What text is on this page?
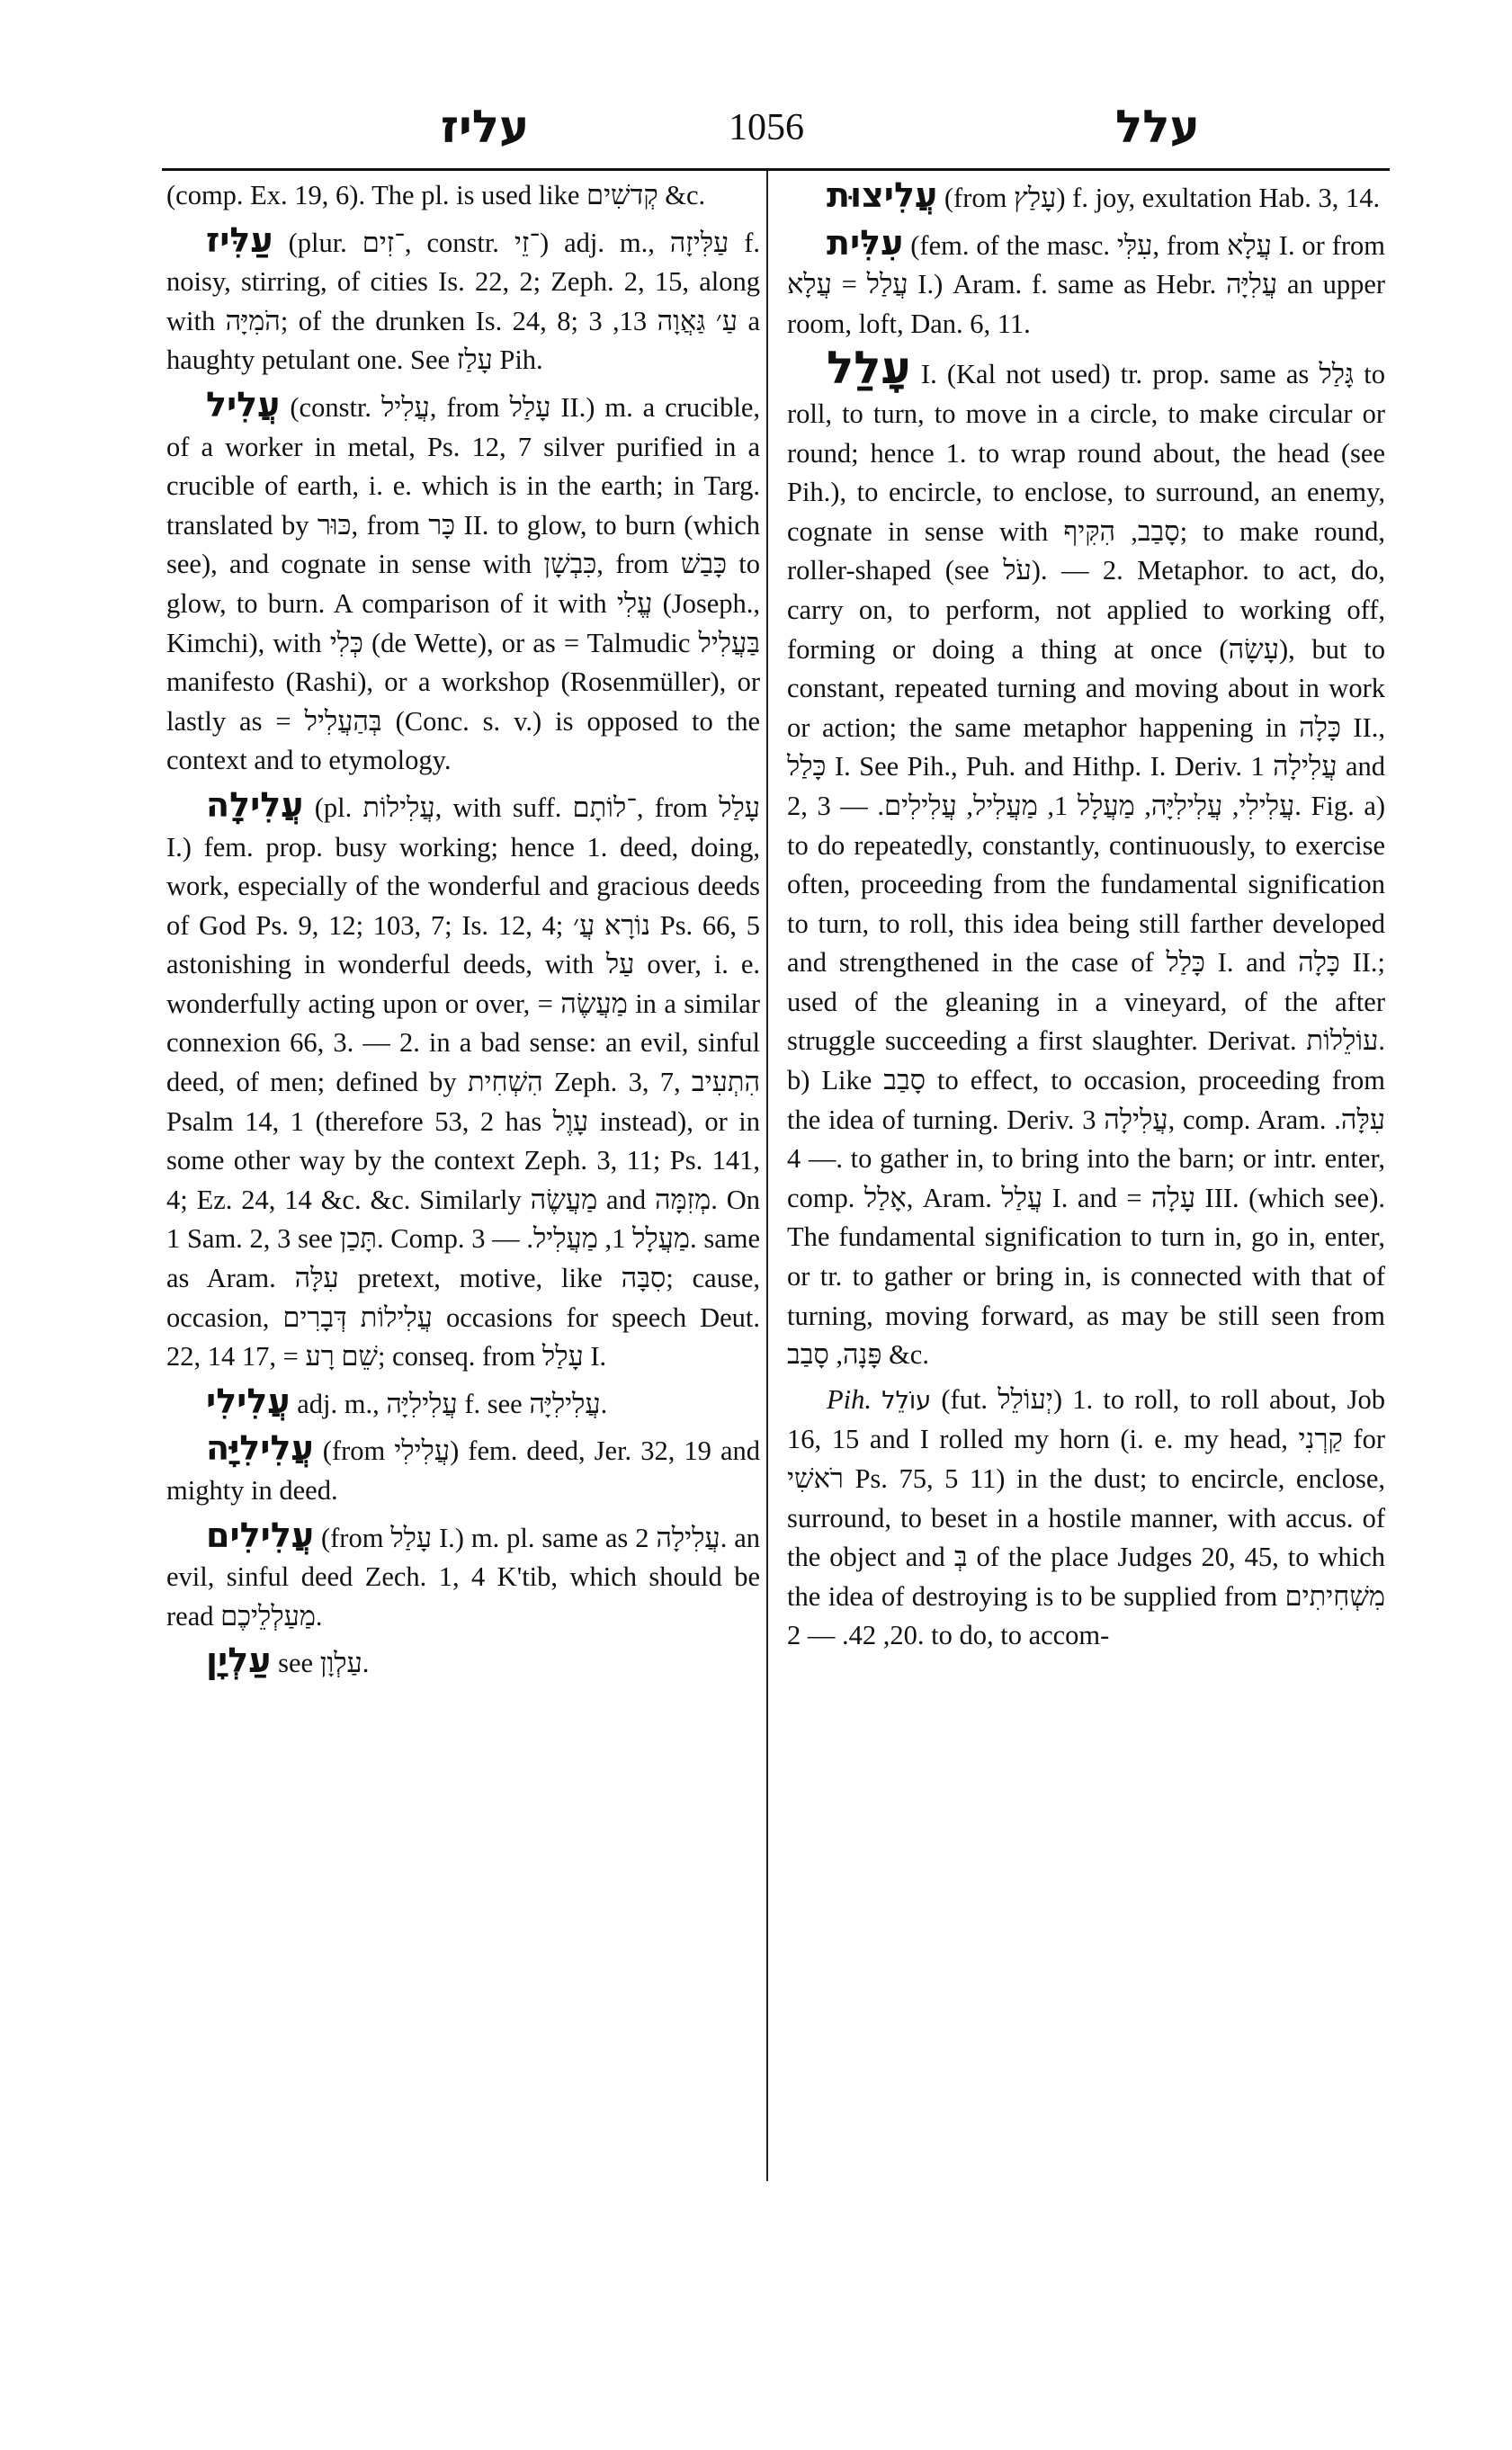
עליז	1056	עלל

(comp. Ex. 19, 6). The pl. is used like קְדשִׁים &c.

עַלִּיז (plur. ־זִים, constr. ־זֵי) adj. m., עַלִּיזָה f. noisy, stirring, of cities Is. 22, 2; Zeph. 2, 15, along with הֹמִיָּה; of the drunken Is. 24, 8; עַ׳ גַּאֲוָה 13, 3 a haughty petulant one. See עָלַז Pih.

עֲלִיל (constr. עֲלִיל, from עָלַל II.) m. a crucible, of a worker in metal, Ps. 12, 7 silver purified in a crucible of earth, i. e. which is in the earth; in Targ. translated by כּוּר, from כָּר II. to glow, to burn (which see), and cognate in sense with כִּבְשָׁן, from כָּבַשׁ to glow, to burn. A comparison of it with עֱלִי (Joseph., Kimchi), with כְּלִי (de Wette), or as = Talmudic בַּעֲלִיל manifesto (Rashi), or a workshop (Rosenmüller), or lastly as = בְּהַעֲלִיל (Conc. s. v.) is opposed to the context and to etymology.

עֲלִילָה (pl. עֲלִילוֹת, with suff. ־לוֹתָם, from עָלַל I.) fem. prop. busy working; hence 1. deed, doing, work, especially of the wonderful and gracious deeds of God Ps. 9, 12; 103, 7; Is. 12, 4; נוֹרָא עֲ׳ Ps. 66, 5 astonishing in wonderful deeds, with עַל over, i. e. wonderfully acting upon or over, = מַעֲשֶׂה in a similar connexion 66, 3. — 2. in a bad sense: an evil, sinful deed, of men; defined by הִשְׁחִית Zeph. 3, 7, הִתְעִיב Psalm 14, 1 (therefore 53, 2 has עָוֶל instead), or in some other way by the context Zeph. 3, 11; Ps. 141, 4; Ez. 24, 14 &c. &c. Similarly מַעֲשֶׂה and מְזִמָּה. On 1 Sam. 2, 3 see תָּכַן. Comp. מַעֲלָל 1, מַעֲלִיל. — 3. same as Aram. עִלָּה pretext, motive, like סִבָּה; cause, occasion, עֲלִילוֹת דְּבָרִים occasions for speech Deut. 22, 14 17, = שֵׁם רָע; conseq. from עָלַל I.

עֲלִילִי adj. m., עֲלִילִיָּה f. see עֲלִילִיָּה.

עֲלִילִיָּה (from עֲלִילִי) fem. deed, Jer. 32, 19 and mighty in deed.

עֲלִילִים (from עָלַל I.) m. pl. same as עֲלִילָה 2. an evil, sinful deed Zech. 1, 4 K'tib, which should be read מַעַלְלֵיכֶם.

עַלְיָן see עַלְוָן.

עֲלִיצוּת (from עָלַץ) f. joy, exultation Hab. 3, 14.

עִלִּית (fem. of the masc. עִלִּי, from עֲלָא I. or from עֲלַל = עֲלָא I.) Aram. f. same as Hebr. עֲלִיָּה an upper room, loft, Dan. 6, 11.

עָלַל I. (Kal not used) tr. prop. same as גָּלַל to roll, to turn, to move in a circle, to make circular or round; hence 1. to wrap round about, the head (see Pih.), to encircle, to enclose, to surround, an enemy, cognate in sense with סָבַב, הִקִּיף; to make round, roller-shaped (see עֹל). — 2. Metaphor. to act, do, carry on, to perform, not applied to working off, forming or doing a thing at once (עָשָׂה), but to constant, repeated turning and moving about in work or action; the same metaphor happening in כָּלָה II., כָּלַל I. See Pih., Puh. and Hithp. I. Deriv. עֲלִילָה 1 and 2, עֲלִילִי, עֲלִילִיָּה, מַעֲלָל 1, מַעֲלִיל, עֲלִילִים. — 3. Fig. a) to do repeatedly, constantly, continuously, to exercise often, proceeding from the fundamental signification to turn, to roll, this idea being still farther developed and strengthened in the case of כָּלַל I. and כָּלָה II.; used of the gleaning in a vineyard, of the after struggle succeeding a first slaughter. Derivat. עוֹלֵלוֹת. b) Like סָבַב to effect, to occasion, proceeding from the idea of turning. Deriv. עֲלִילָה 3, comp. Aram. עִלָּה. — 4. to gather in, to bring into the barn; or intr. enter, comp. אָלַל, Aram. עֲלַל I. and = עָלָה III. (which see). The fundamental signification to turn in, go in, enter, or tr. to gather or bring in, is connected with that of turning, moving forward, as may be still seen from פָּנָה, סָבַב &c.

Pih. עוֹלֵל (fut. יְעוֹלֵל) 1. to roll, to roll about, Job 16, 15 and I rolled my horn (i. e. my head, קַרְנִי for רֹאשִׁי Ps. 75, 5 11) in the dust; to encircle, enclose, surround, to beset in a hostile manner, with accus. of the object and בְּ of the place Judges 20, 45, to which the idea of destroying is to be supplied from מִשְׁחִיתִים 20, 42. — 2. to do, to accom-
